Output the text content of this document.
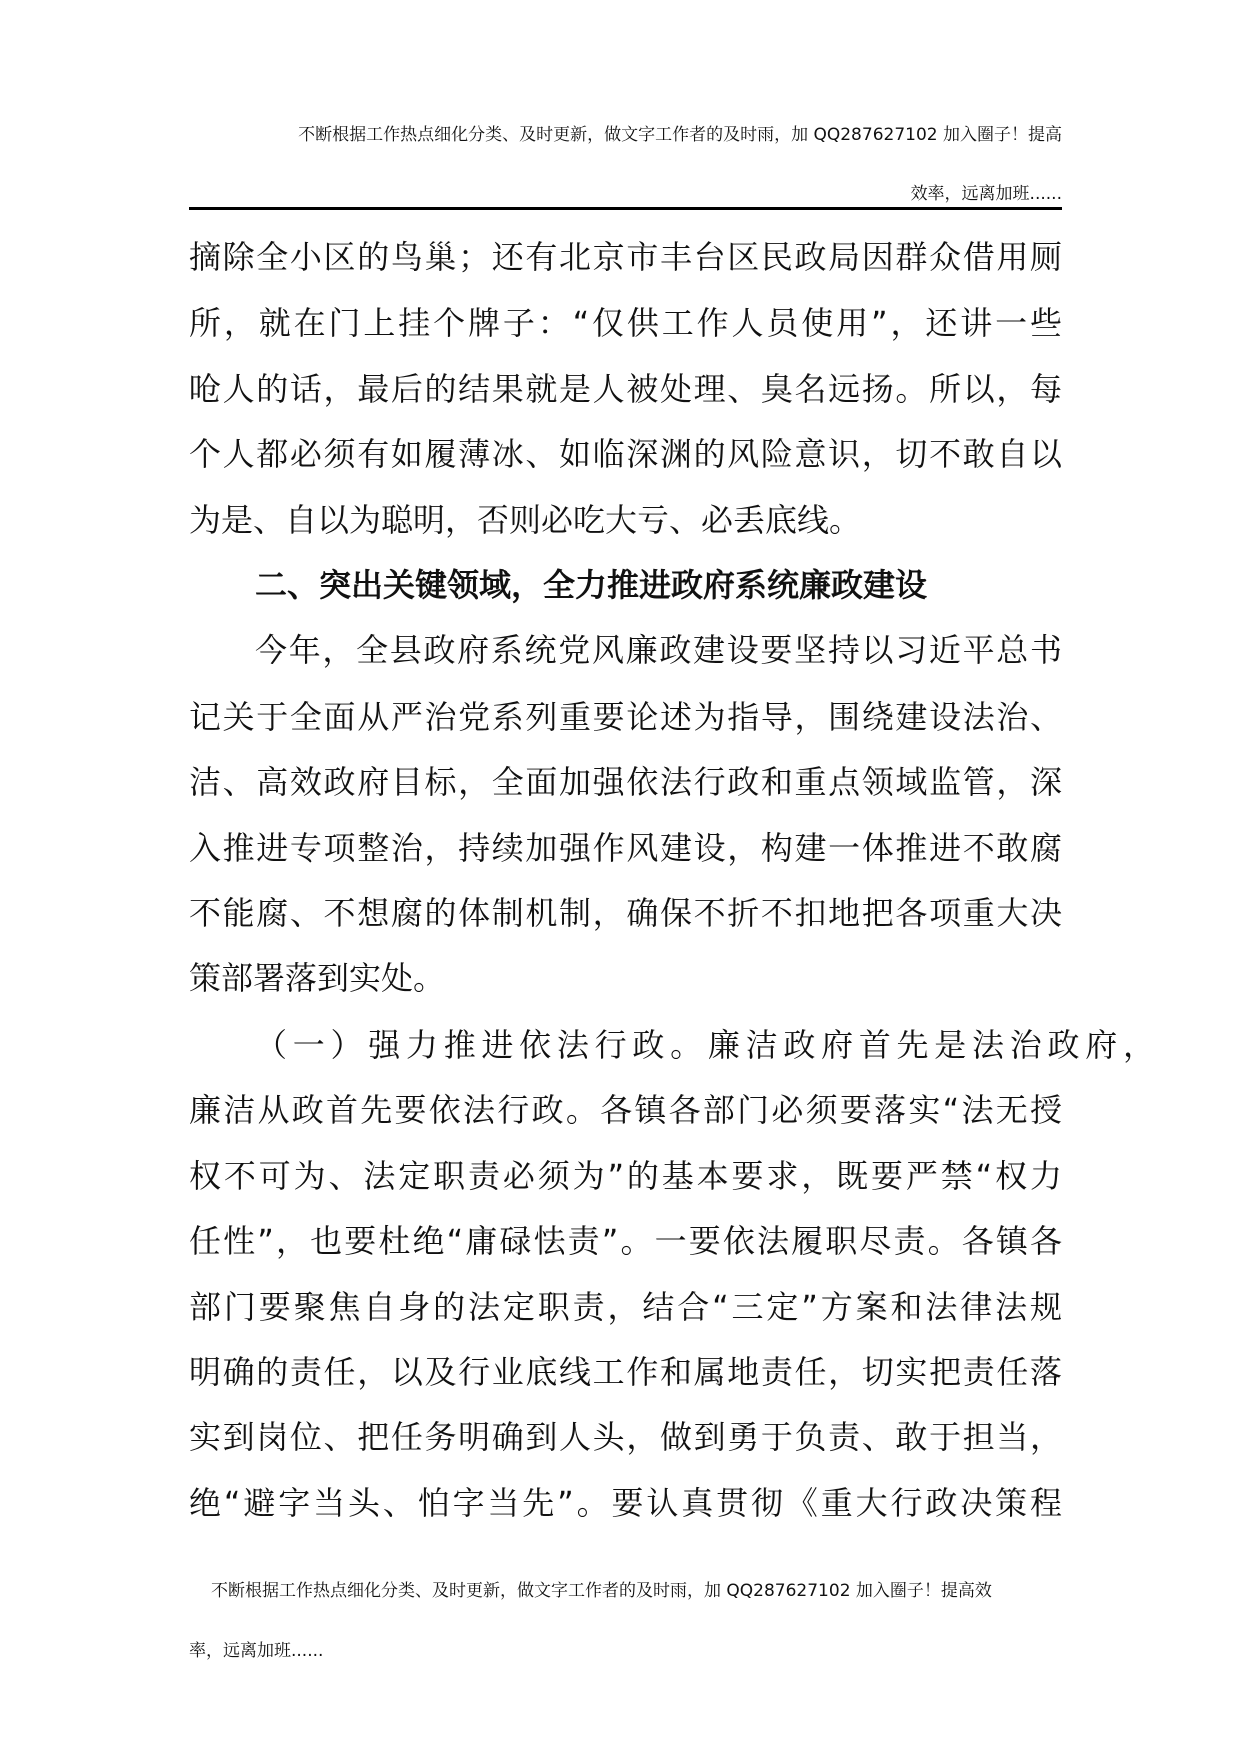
不断根据工作热点细化分类、及时更新，做文字工作者的及时雨，加 QQ287627102 加入圈子！提高
效率，远离加班......
摘除全小区的鸟巢；还有北京市丰台区民政局因群众借用厕
所，就在门上挂个牌子：“仅供工作人员使用”，还讲一些
呛人的话，最后的结果就是人被处理、臭名远扬。所以，每
个人都必须有如履薄冰、如临深渊的风险意识，切不敢自以
为是、自以为聪明，否则必吃大亏、必丢底线。
二、突出关键领域，全力推进政府系统廉政建设
今年，全县政府系统党风廉政建设要坚持以习近平总书
记关于全面从严治党系列重要论述为指导，围绕建设法治、
洁、高效政府目标，全面加强依法行政和重点领域监管，深
入推进专项整治，持续加强作风建设，构建一体推进不敢腐
不能腐、不想腐的体制机制，确保不折不扣地把各项重大决
策部署落到实处。
（一）强力推进依法行政。廉洁政府首先是法治政府，
廉洁从政首先要依法行政。各镇各部门必须要落实“法无授
权不可为、法定职责必须为”的基本要求，既要严禁“权力
任性”，也要杜绝“庸碌怯责”。一要依法履职尽责。各镇各
部门要聚焦自身的法定职责，结合“三定”方案和法律法规
明确的责任，以及行业底线工作和属地责任，切实把责任落
实到岗位、把任务明确到人头，做到勇于负责、敢于担当，
绝“避字当头、怕字当先”。要认真贯彻《重大行政决策程
不断根据工作热点细化分类、及时更新，做文字工作者的及时雨，加 QQ287627102 加入圈子！提高效
率，远离加班......
